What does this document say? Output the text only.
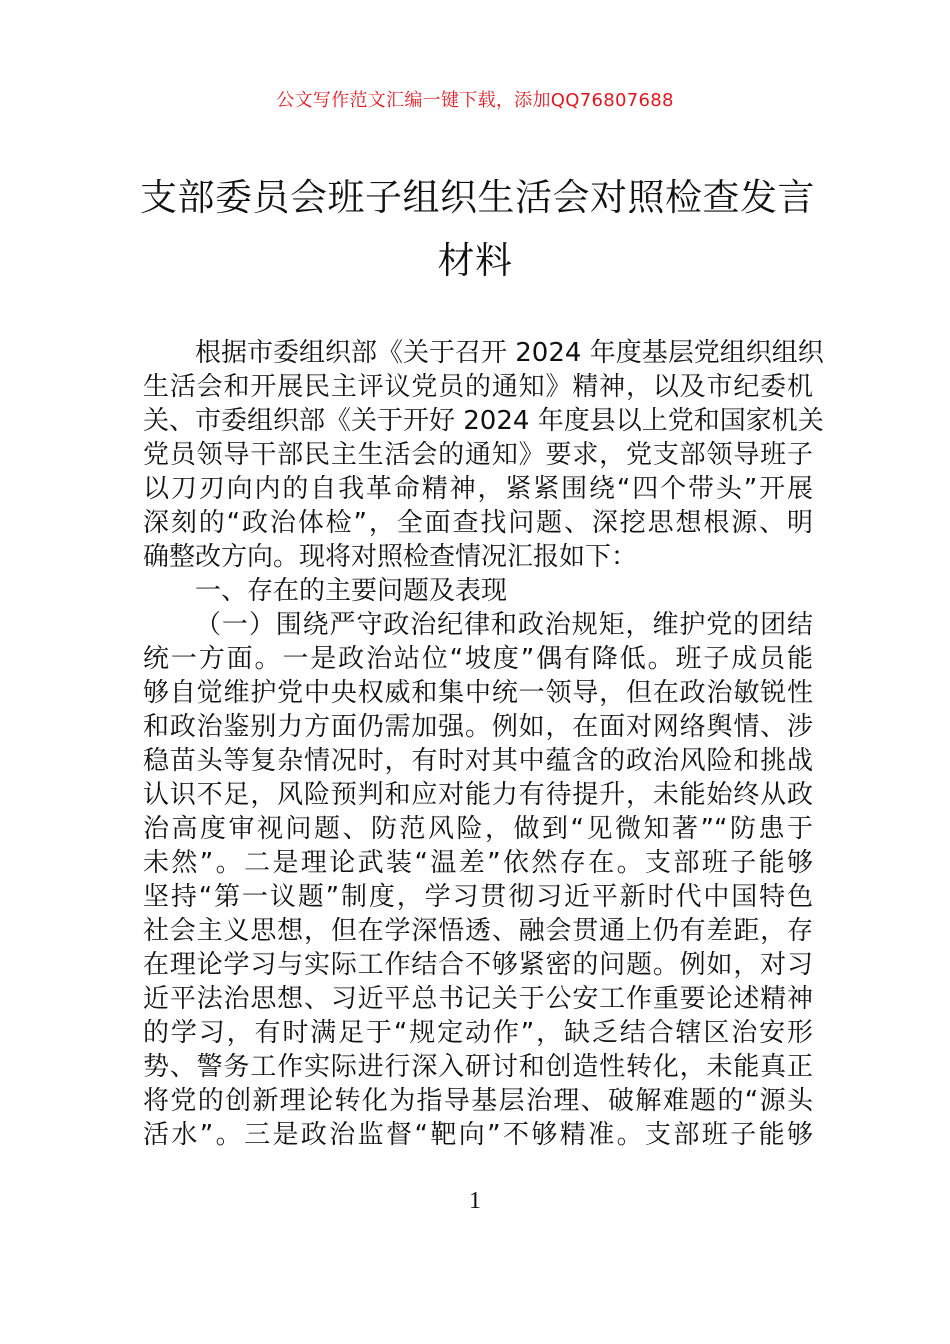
公文写作范文汇编一键下载，添加QQ76807688
支部委员会班子组织生活会对照检查发言
材料
根据市委组织部《关于召开 2024 年度基层党组织组织
生活会和开展民主评议党员的通知》精神，以及市纪委机
关、市委组织部《关于开好 2024 年度县以上党和国家机关
党员领导干部民主生活会的通知》要求，党支部领导班子
以刀刃向内的自我革命精神，紧紧围绕“四个带头”开展
深刻的“政治体检”，全面查找问题、深挖思想根源、明
确整改方向。现将对照检查情况汇报如下：
一、存在的主要问题及表现
（一）围绕严守政治纪律和政治规矩，维护党的团结
统一方面。一是政治站位“坡度”偶有降低。班子成员能
够自觉维护党中央权威和集中统一领导，但在政治敏锐性
和政治鉴别力方面仍需加强。例如，在面对网络舆情、涉
稳苗头等复杂情况时，有时对其中蕴含的政治风险和挑战
认识不足，风险预判和应对能力有待提升，未能始终从政
治高度审视问题、防范风险，做到“见微知著”“防患于
未然”。二是理论武装“温差”依然存在。支部班子能够
坚持“第一议题”制度，学习贯彻习近平新时代中国特色
社会主义思想，但在学深悟透、融会贯通上仍有差距，存
在理论学习与实际工作结合不够紧密的问题。例如，对习
近平法治思想、习近平总书记关于公安工作重要论述精神
的学习，有时满足于“规定动作”，缺乏结合辖区治安形
势、警务工作实际进行深入研讨和创造性转化，未能真正
将党的创新理论转化为指导基层治理、破解难题的“源头
活水”。三是政治监督“靶向”不够精准。支部班子能够
1
